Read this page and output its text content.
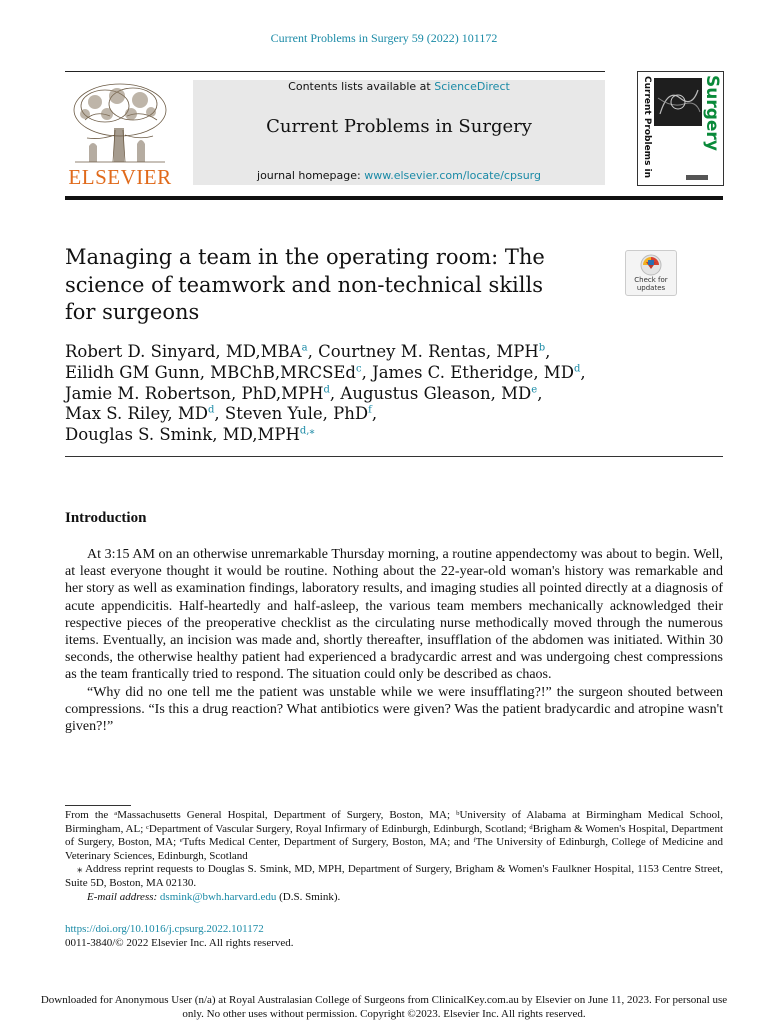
Current Problems in Surgery 59 (2022) 101172
ELSEVIER
Contents lists available at ScienceDirect
Current Problems in Surgery
journal homepage: www.elsevier.com/locate/cpsurg	Current Problems in	Surgery
Managing a team in the operating room: The
science of teamwork and non-technical skills
for surgeons
Check for
updates
Robert D. Sinyard, MD,MBA$^a$, Courtney M. Rentas, MPH$^b$,
Eilidh GM Gunn, MBChB,MRCSEd$^c$, James C. Etheridge, $MD^d$,
Jamie M. Robertson, PhD,MPH$^d$, Augustus Gleason, MDe,
Max S. Riley, $MD^d$, Steven Yule, PhD$^f$,
Douglas S. Smink, $MD,MPH^{d,⁎}$
Introduction

At 3:15 AM on an otherwise unremarkable Thursday morning, a routine appendectomy was about to begin. Well, at least everyone thought it would be routine. Nothing about the 22-year-old woman's history was remarkable and her story as well as examination findings, laboratory results, and imaging studies all pointed directly at a diagnosis of acute appendicitis. Half-heartedly and half-asleep, the various team members mechanically acknowledged their respective pieces of the preoperative checklist as the circulating nurse methodically moved through the numerous items. Eventually, an incision was made and, shortly thereafter, insufflation of the abdomen was initiated. Within 30 seconds, the otherwise healthy patient had experienced a bradycardic arrest and was undergoing chest compressions as the team frantically tried to respond. The situation could only be described as chaos.

“Why did no one tell me the patient was unstable while we were insufflating?!” the surgeon shouted between compressions. “Is this a drug reaction? What antibiotics were given? Was the patient bradycardic and atropine wasn't given?!”

From the ᵃMassachusetts General Hospital, Department of Surgery, Boston, MA; ᵇUniversity of Alabama at Birmingham Medical School, Birmingham, AL; ᶜDepartment of Vascular Surgery, Royal Infirmary of Edinburgh, Edinburgh, Scotland; ᵈBrigham & Women's Hospital, Department of Surgery, Boston, MA; ᵉTufts Medical Center, Department of Surgery, Boston, MA; and ᶠThe University of Edinburgh, College of Medicine and Veterinary Sciences, Edinburgh, Scotland

⁎ Address reprint requests to Douglas S. Smink, MD, MPH, Department of Surgery, Brigham & Women's Faulkner Hospital, 1153 Centre Street, Suite 5D, Boston, MA 02130.

E-mail address: dsmink@bwh.harvard.edu (D.S. Smink).

https://doi.org/10.1016/j.cpsurg.2022.101172
0011-3840/© 2022 Elsevier Inc. All rights reserved.
Downloaded for Anonymous User (n/a) at Royal Australasian College of Surgeons from ClinicalKey.com.au by Elsevier on June 11, 2023. For personal use only. No other uses without permission. Copyright ©2023. Elsevier Inc. All rights reserved.
